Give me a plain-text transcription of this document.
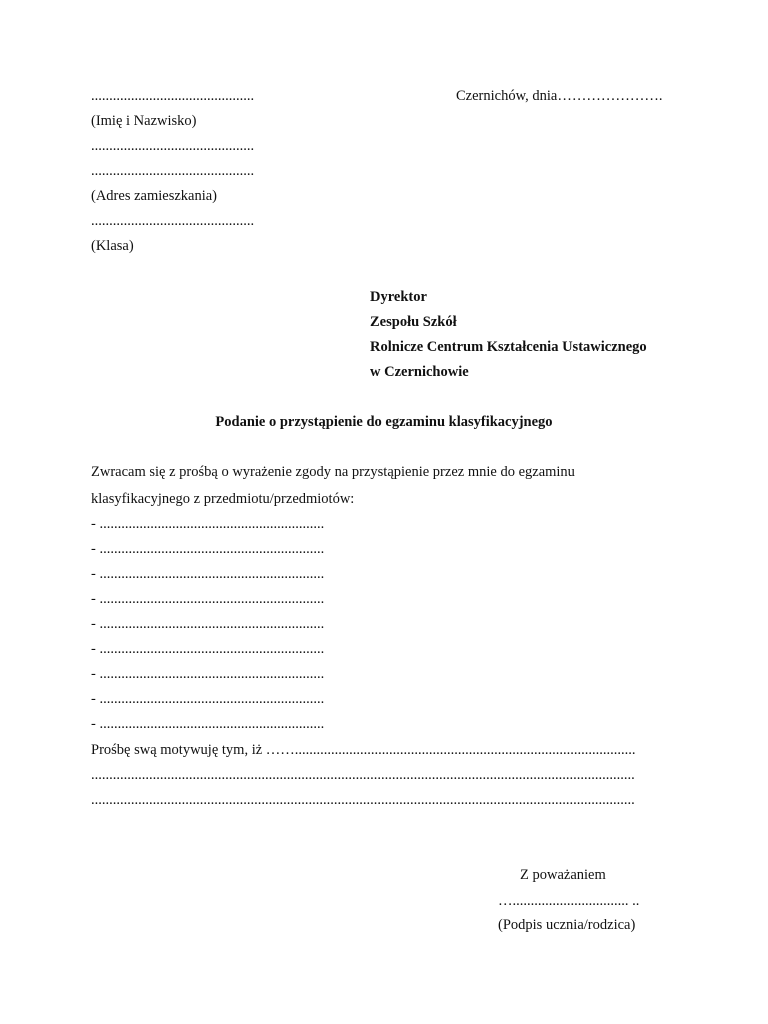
.............................................
(Imię i Nazwisko)
.............................................
.............................................
(Adres zamieszkania)
.............................................
(Klasa)
Czernichów, dnia………………….
Dyrektor
Zespołu Szkół
Rolnicze Centrum Kształcenia Ustawicznego
w Czernichowie
Podanie o przystąpienie do egzaminu klasyfikacyjnego
Zwracam się z prośbą o wyrażenie zgody na przystąpienie przez mnie do egzaminu
klasyfikacyjnego z przedmiotu/przedmiotów:
- ..............................................................
- ..............................................................
- ..............................................................
- ..............................................................
- ..............................................................
- ..............................................................
- ..............................................................
- ..............................................................
- ..............................................................
Prośbę swą motywuję tym, iż ……..............................................................................................
......................................................................................................................................................
......................................................................................................................................................
Z poważaniem
…................................ ..
(Podpis ucznia/rodzica)
